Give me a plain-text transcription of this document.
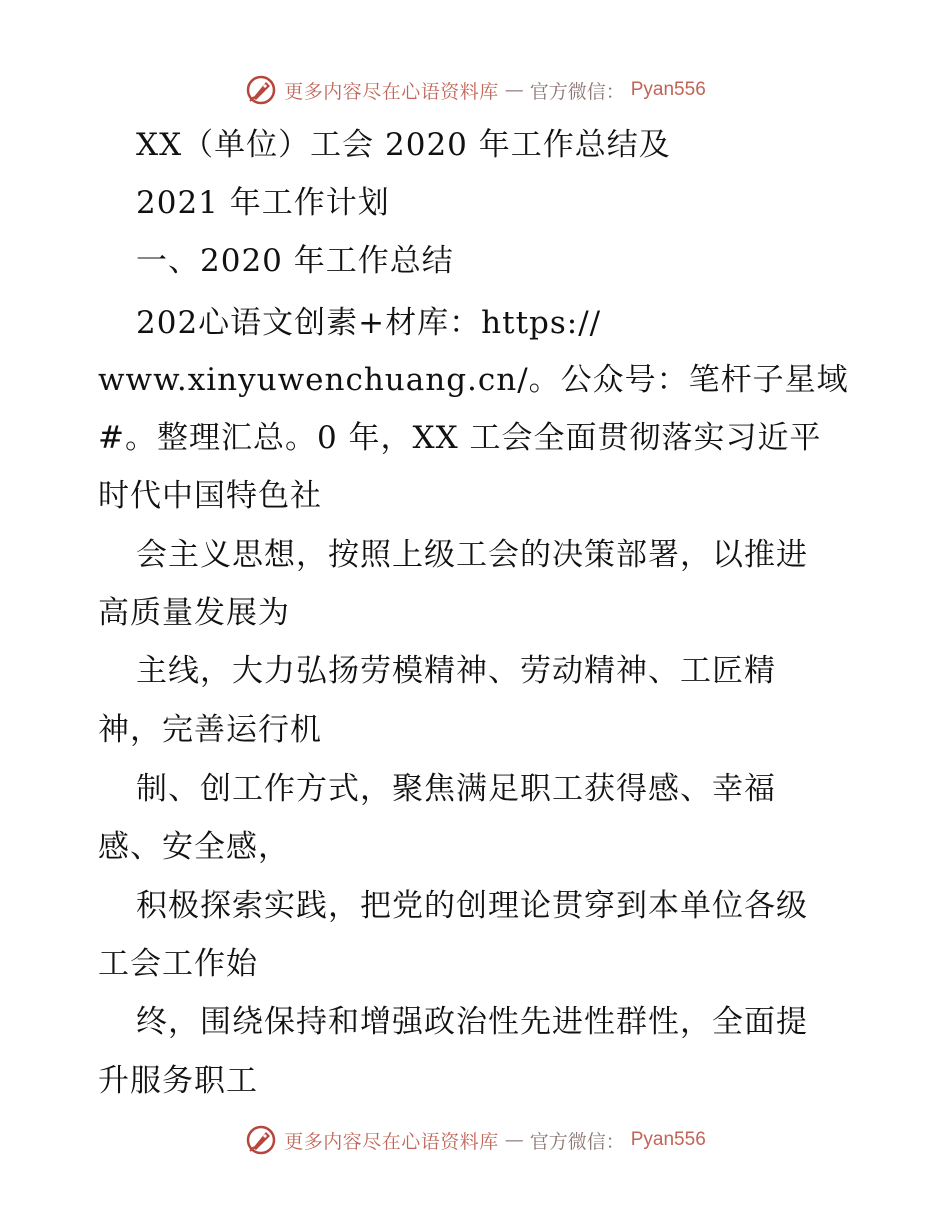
更多内容尽在心语资料库 — 官方微信： Pyan556
XX（单位）工会 2020 年工作总结及
2021 年工作计划
一、2020 年工作总结
202心语文创素+材库：https://
www.xinyuwenchuang.cn/。公众号：笔杆子星域
#。整理汇总。0 年，XX 工会全面贯彻落实习近平
时代中国特色社
会主义思想，按照上级工会的决策部署，以推进
高质量发展为
主线，大力弘扬劳模精神、劳动精神、工匠精
神，完善运行机
制、创工作方式，聚焦满足职工获得感、幸福
感、安全感，
积极探索实践，把党的创理论贯穿到本单位各级
工会工作始
终，围绕保持和增强政治性先进性群性，全面提
升服务职工
更多内容尽在心语资料库 — 官方微信： Pyan556
